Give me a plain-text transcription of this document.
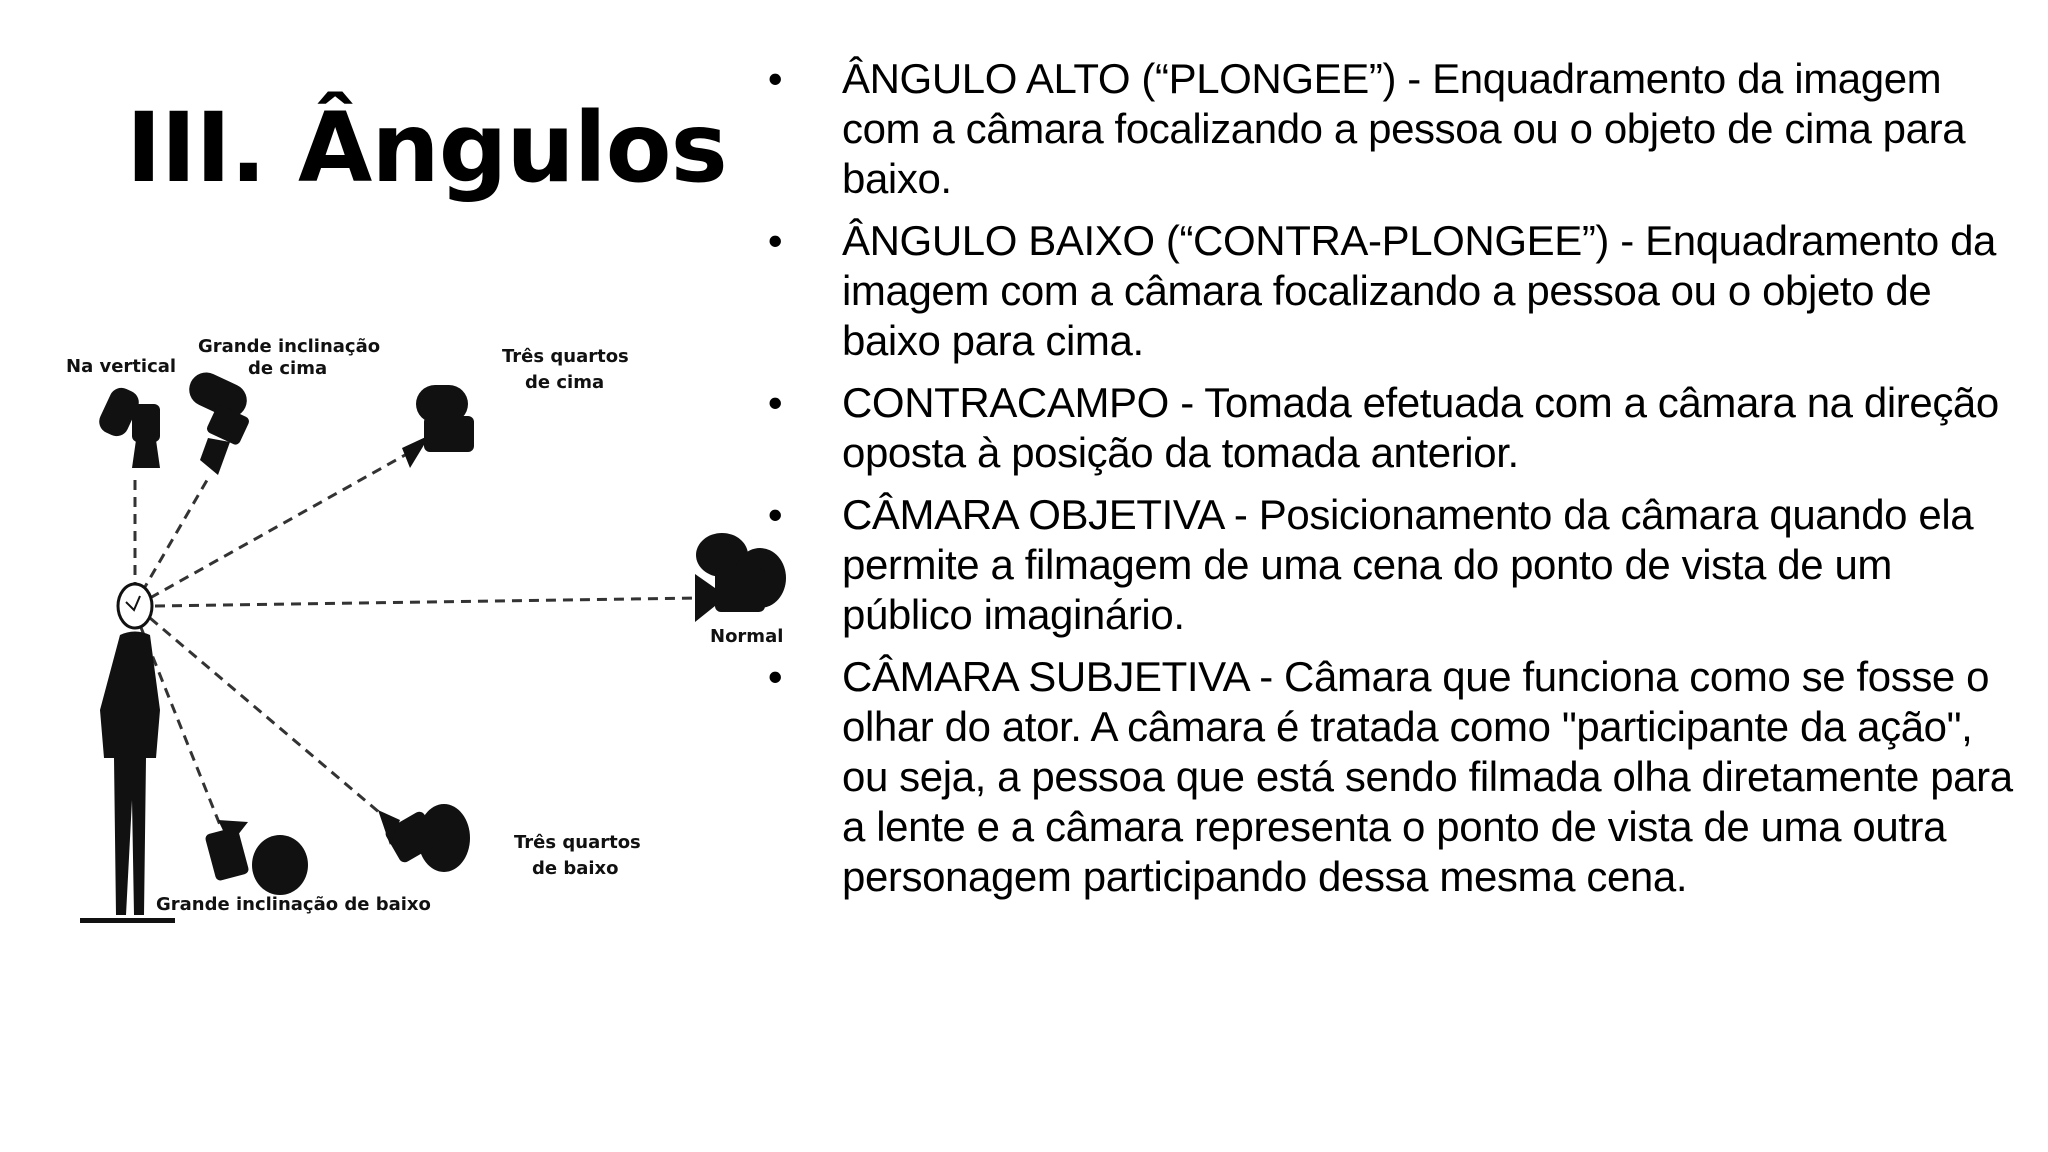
III. Ângulos
Na vertical
Grande inclinação
de cima
Três quartos
de cima
Normal
Três quartos
de baixo
Grande inclinação de baixo
• ÂNGULO ALTO (“PLONGEE”) - Enquadramento da imagem com a câmara focalizando a pessoa ou o objeto de cima para baixo.
• ÂNGULO BAIXO (“CONTRA-PLONGEE”) - Enquadramento da imagem com a câmara focalizando a pessoa ou o objeto de baixo para cima.
• CONTRACAMPO - Tomada efetuada com a câmara na direção oposta à posição da tomada anterior.
• CÂMARA OBJETIVA - Posicionamento da câmara quando ela permite a filmagem de uma cena do ponto de vista de um público imaginário.
• CÂMARA SUBJETIVA - Câmara que funciona como se fosse o olhar do ator. A câmara é tratada como "participante da ação", ou seja, a pessoa que está sendo filmada olha diretamente para a lente e a câmara representa o ponto de vista de uma outra personagem participando dessa mesma cena.
